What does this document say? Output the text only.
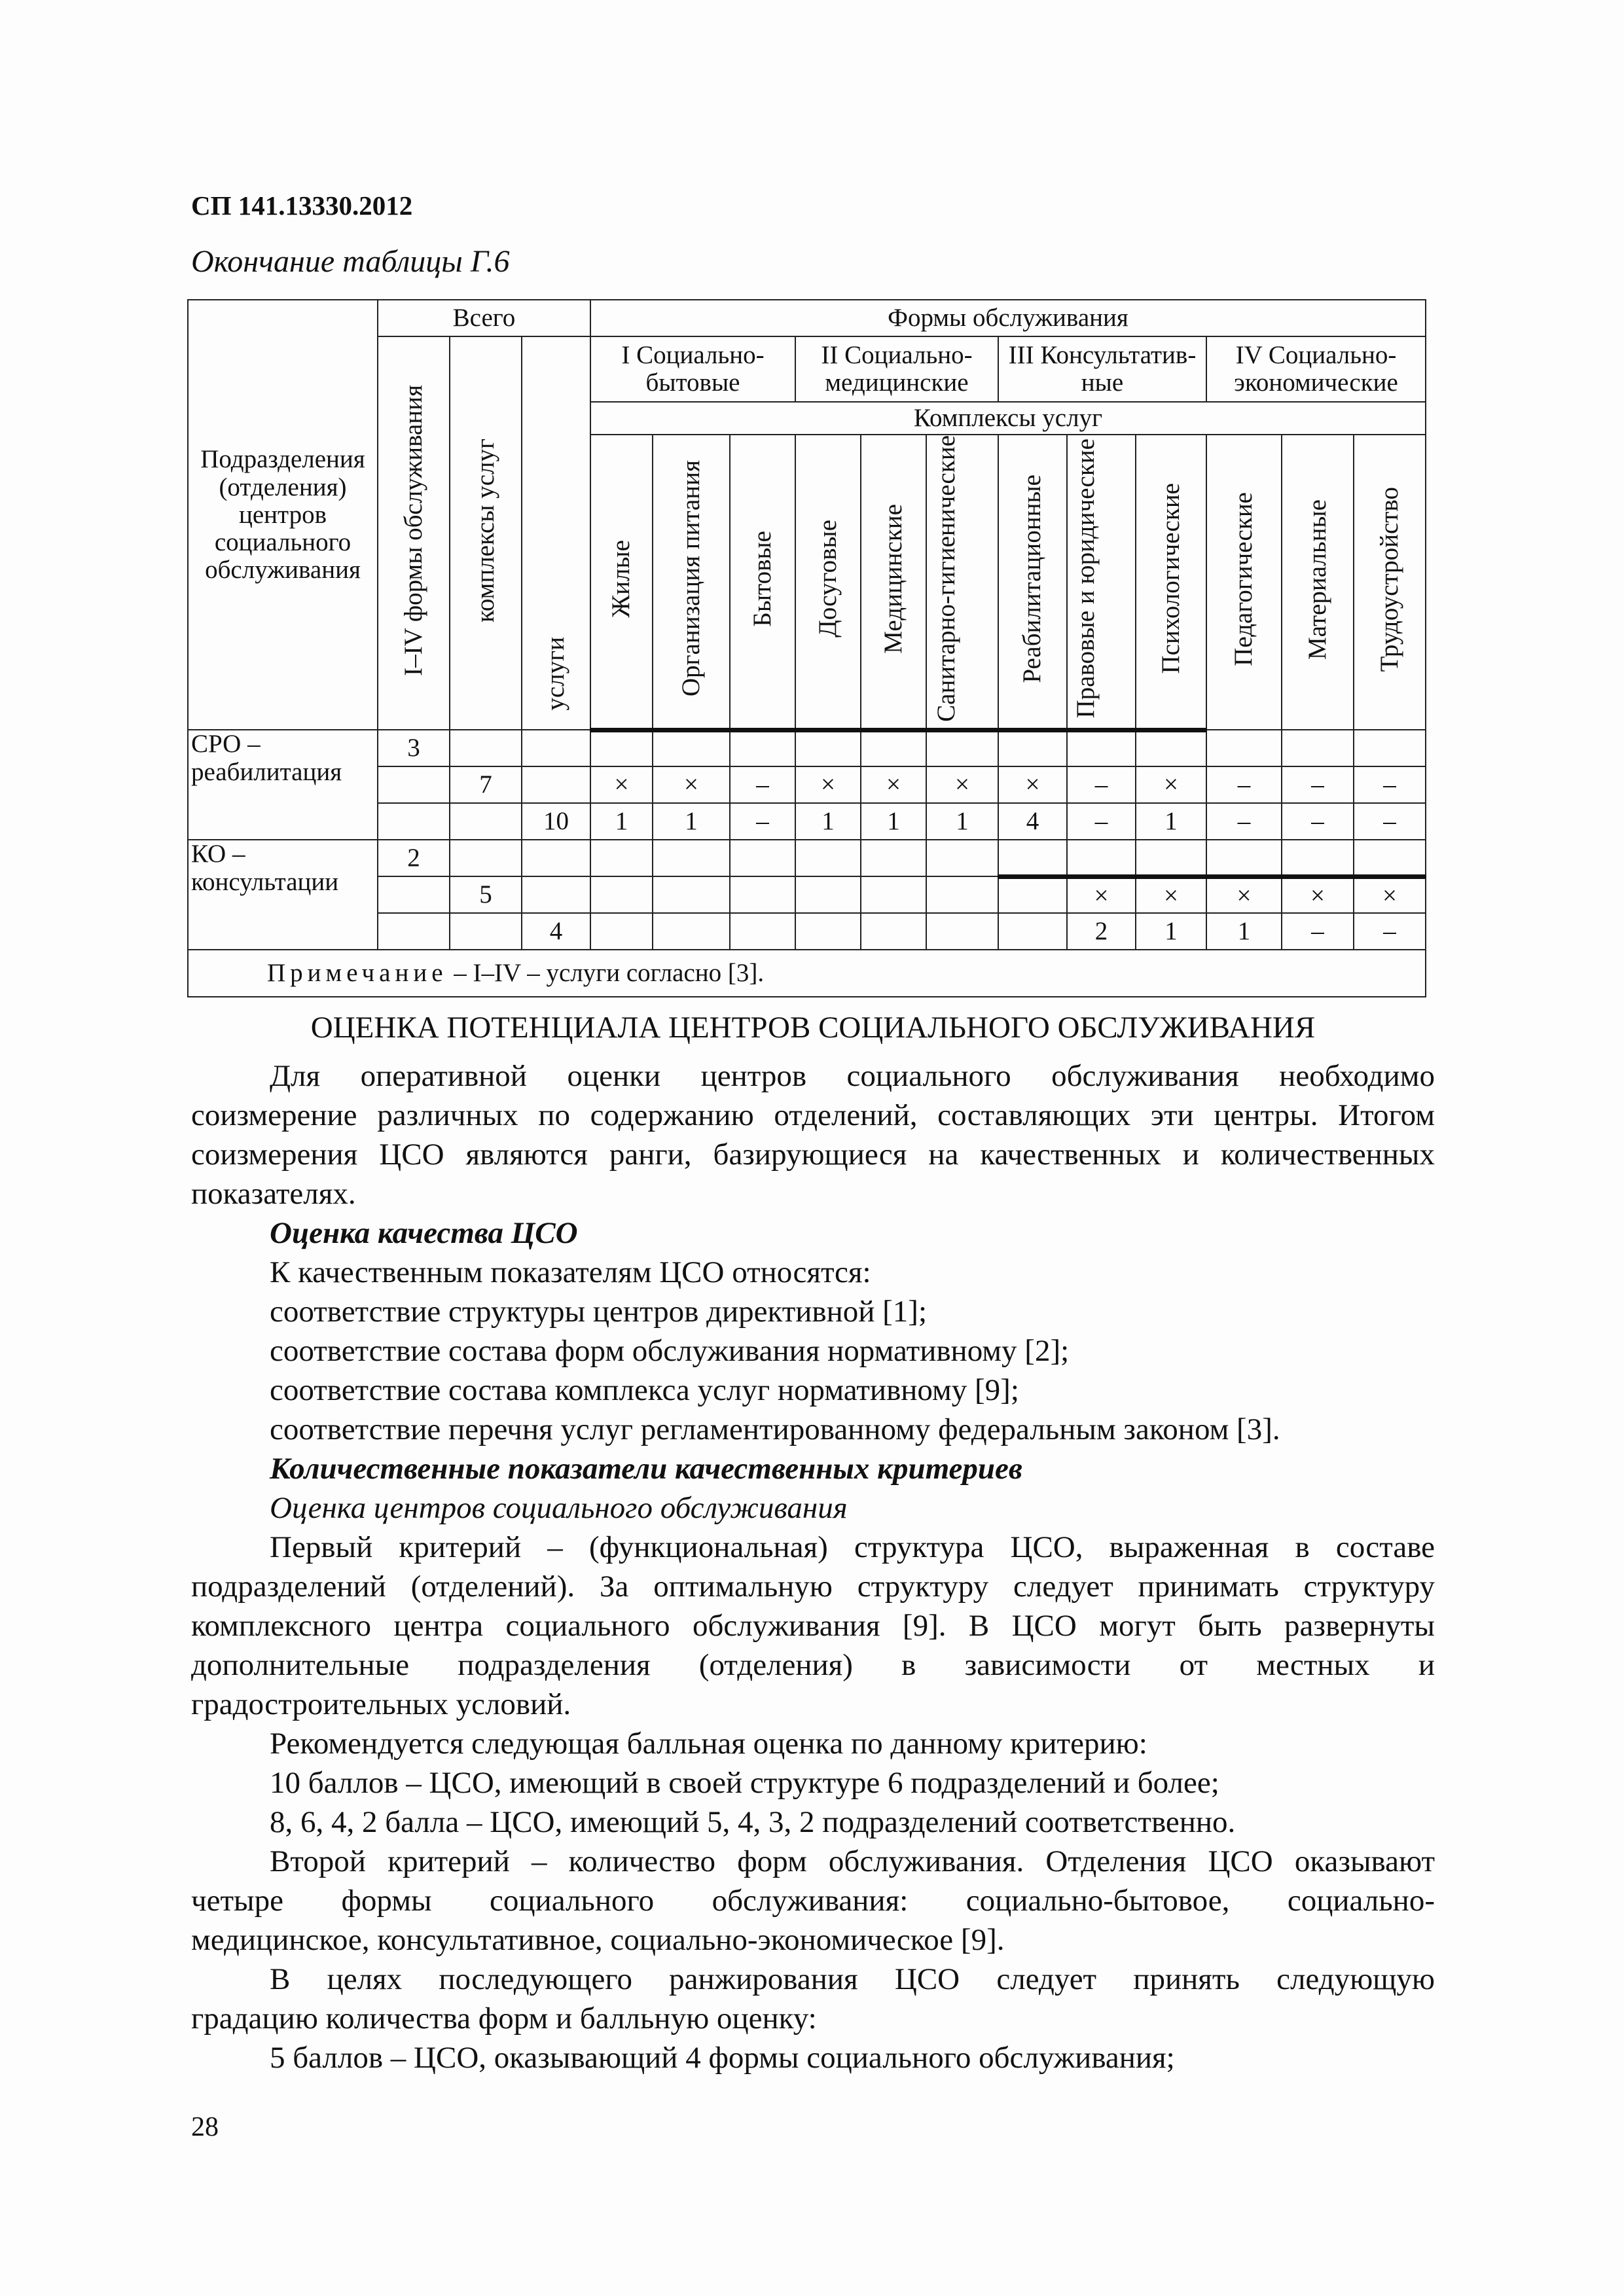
СП 141.13330.2012
Окончание таблицы Г.6
Подразделения (отделения) центров социального обслуживания	Всего			Формы обслуживания											
	I–IV формы обслуживания	комплексы услуг	услуги	I Социально-бытовые			II Социально-медицинские			III Консультатив-ные			IV Социально-экономические		
				Комплексы услуг											
				Жилые	Организация питания	Бытовые	Досуговые	Медицинские	Санитарно-гигиенические	Реабилитационные	Правовые и юридические	Психологические	Педагогические	Материальные	Трудоустройство
СРО – реабилитация	3														
		7		×	×	–	×	×	×	×	–	×	–	–	–
			10	1	1	–	1	1	1	4	–	1	–	–	–
КО – консультации	2														
		5									×	×	×	×	×
			4								2	1	1	–	–
Примечание – I–IV – услуги согласно [3].															

ОЦЕНКА ПОТЕНЦИАЛА ЦЕНТРОВ СОЦИАЛЬНОГО ОБСЛУЖИВАНИЯ

Для оперативной оценки центров социального обслуживания необходимо

соизмерение различных по содержанию отделений, составляющих эти центры. Итогом

соизмерения ЦСО являются ранги, базирующиеся на качественных и количественных

показателях.

Оценка качества ЦСО

К качественным показателям ЦСО относятся:

соответствие структуры центров директивной [1];

соответствие состава форм обслуживания нормативному [2];

соответствие состава комплекса услуг нормативному [9];

соответствие перечня услуг регламентированному федеральным законом [3].

Количественные показатели качественных критериев

Оценка центров социального обслуживания

Первый критерий – (функциональная) структура ЦСО, выраженная в составе

подразделений (отделений). За оптимальную структуру следует принимать структуру

комплексного центра социального обслуживания [9]. В ЦСО могут быть развернуты

дополнительные подразделения (отделения) в зависимости от местных и

градостроительных условий.

Рекомендуется следующая балльная оценка по данному критерию:

10 баллов – ЦСО, имеющий в своей структуре 6 подразделений и более;

8, 6, 4, 2 балла – ЦСО, имеющий 5, 4, 3, 2 подразделений соответственно.

Второй критерий – количество форм обслуживания. Отделения ЦСО оказывают

четыре формы социального обслуживания: социально-бытовое, социально-

медицинское, консультативное, социально-экономическое [9].

В целях последующего ранжирования ЦСО следует принять следующую

градацию количества форм и балльную оценку:

5 баллов – ЦСО, оказывающий 4 формы социального обслуживания;

28
